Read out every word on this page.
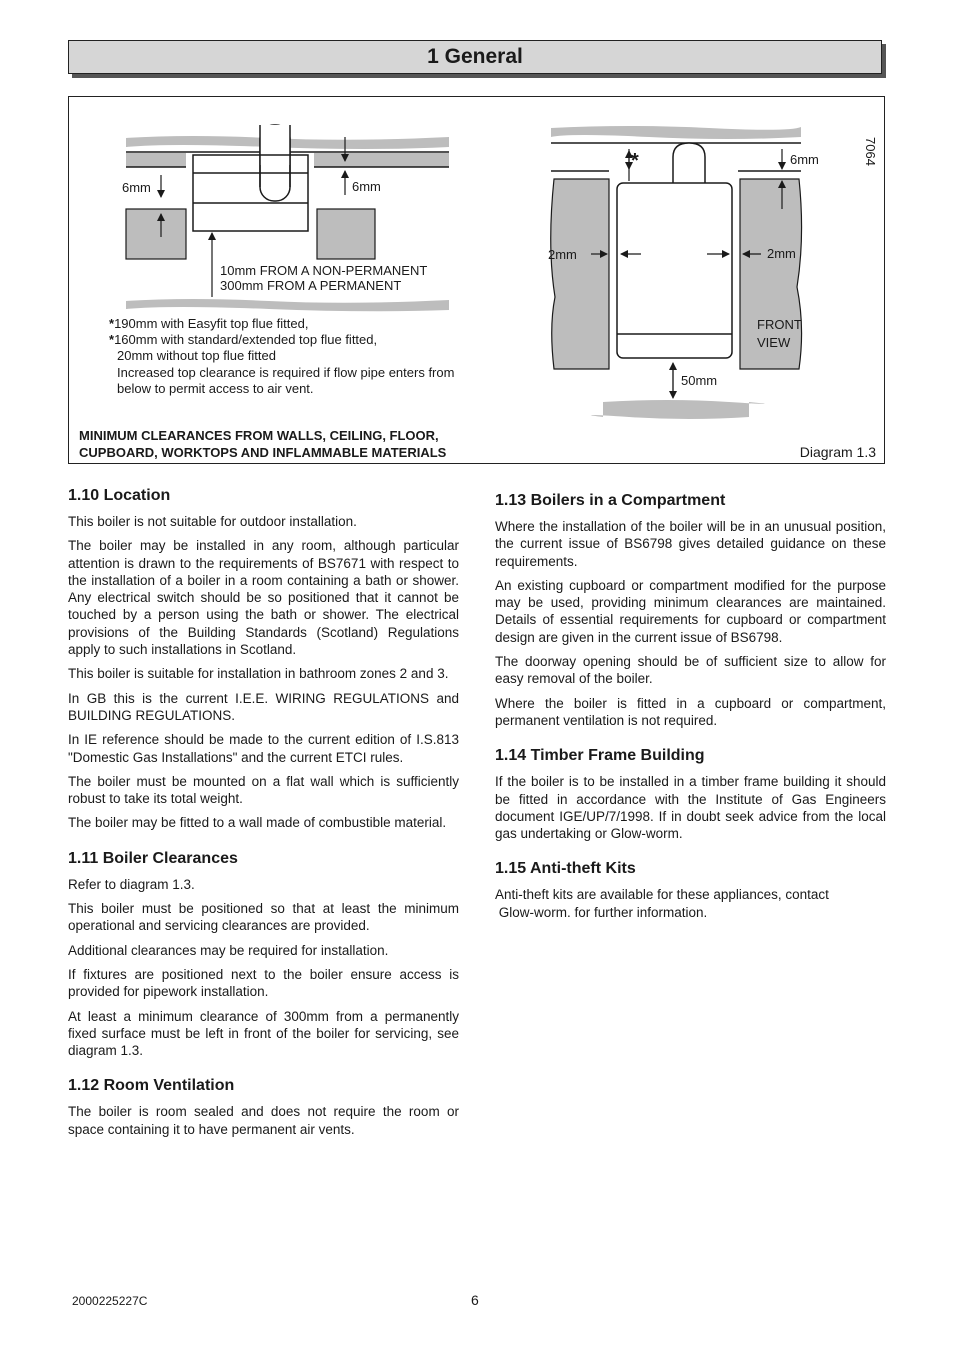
1 General
6mm	6mm
10mm FROM A NON-PERMANENT
300mm FROM A PERMANENT
*	6mm
2mm	2mm
50mm
FRONT
VIEW
7064
*190mm with Easyfit top flue fitted,
*160mm with standard/extended top flue fitted,
20mm without top flue fitted
Increased top clearance is required if flow pipe enters from
below to permit access to air vent.
MINIMUM CLEARANCES FROM WALLS, CEILING, FLOOR,
CUPBOARD, WORKTOPS AND INFLAMMABLE MATERIALS	Diagram 1.3
1.10 Location

This boiler is not suitable for outdoor installation.

The boiler may be installed in any room, although particular attention is drawn to the requirements of BS7671 with respect to the installation of a boiler in a room containing a bath or shower. Any electrical switch should be so positioned that it cannot be touched by a person using the bath or shower. The electrical provisions of the Building Standards (Scotland) Regulations apply to such installations in Scotland.

This boiler is suitable for installation in bathroom zones 2 and 3.

In GB this is the current I.E.E. WIRING REGULATIONS and BUILDING REGULATIONS.

In IE reference should be made to the current edition of I.S.813 "Domestic Gas Installations" and the current ETCI rules.

The boiler must be mounted on a flat wall which is sufficiently robust to take its total weight.

The boiler may be fitted to a wall made of combustible material.

1.11 Boiler Clearances

Refer to diagram 1.3.

This boiler must be positioned so that at least the minimum operational and servicing clearances are provided.

Additional clearances may be required for installation.

If fixtures are positioned next to the boiler ensure access is provided for pipework installation.

At least a minimum clearance of 300mm from a permanently fixed surface must be left in front of the boiler for servicing, see diagram 1.3.

1.12 Room Ventilation

The boiler is room sealed and does not require the room or space containing it to have permanent air vents.

1.13 Boilers in a Compartment

Where the installation of the boiler will be in an unusual position, the current issue of BS6798 gives detailed guidance on these requirements.

An existing cupboard or compartment modified for the purpose may be used, providing minimum clearances are maintained. Details of essential requirements for cupboard or compartment design are given in the current issue of BS6798.

The doorway opening should be of sufficient size to allow for easy removal of the boiler.

Where the boiler is fitted in a cupboard or compartment, permanent ventilation is not required.

1.14 Timber Frame Building

If the boiler is to be installed in a timber frame building it should be fitted in accordance with the Institute of Gas Engineers document IGE/UP/7/1998. If in doubt seek advice from the local gas undertaking or Glow-worm.

1.15 Anti-theft Kits

Anti-theft kits are available for these appliances, contact

Glow-worm. for further information.

2000225227C	6
